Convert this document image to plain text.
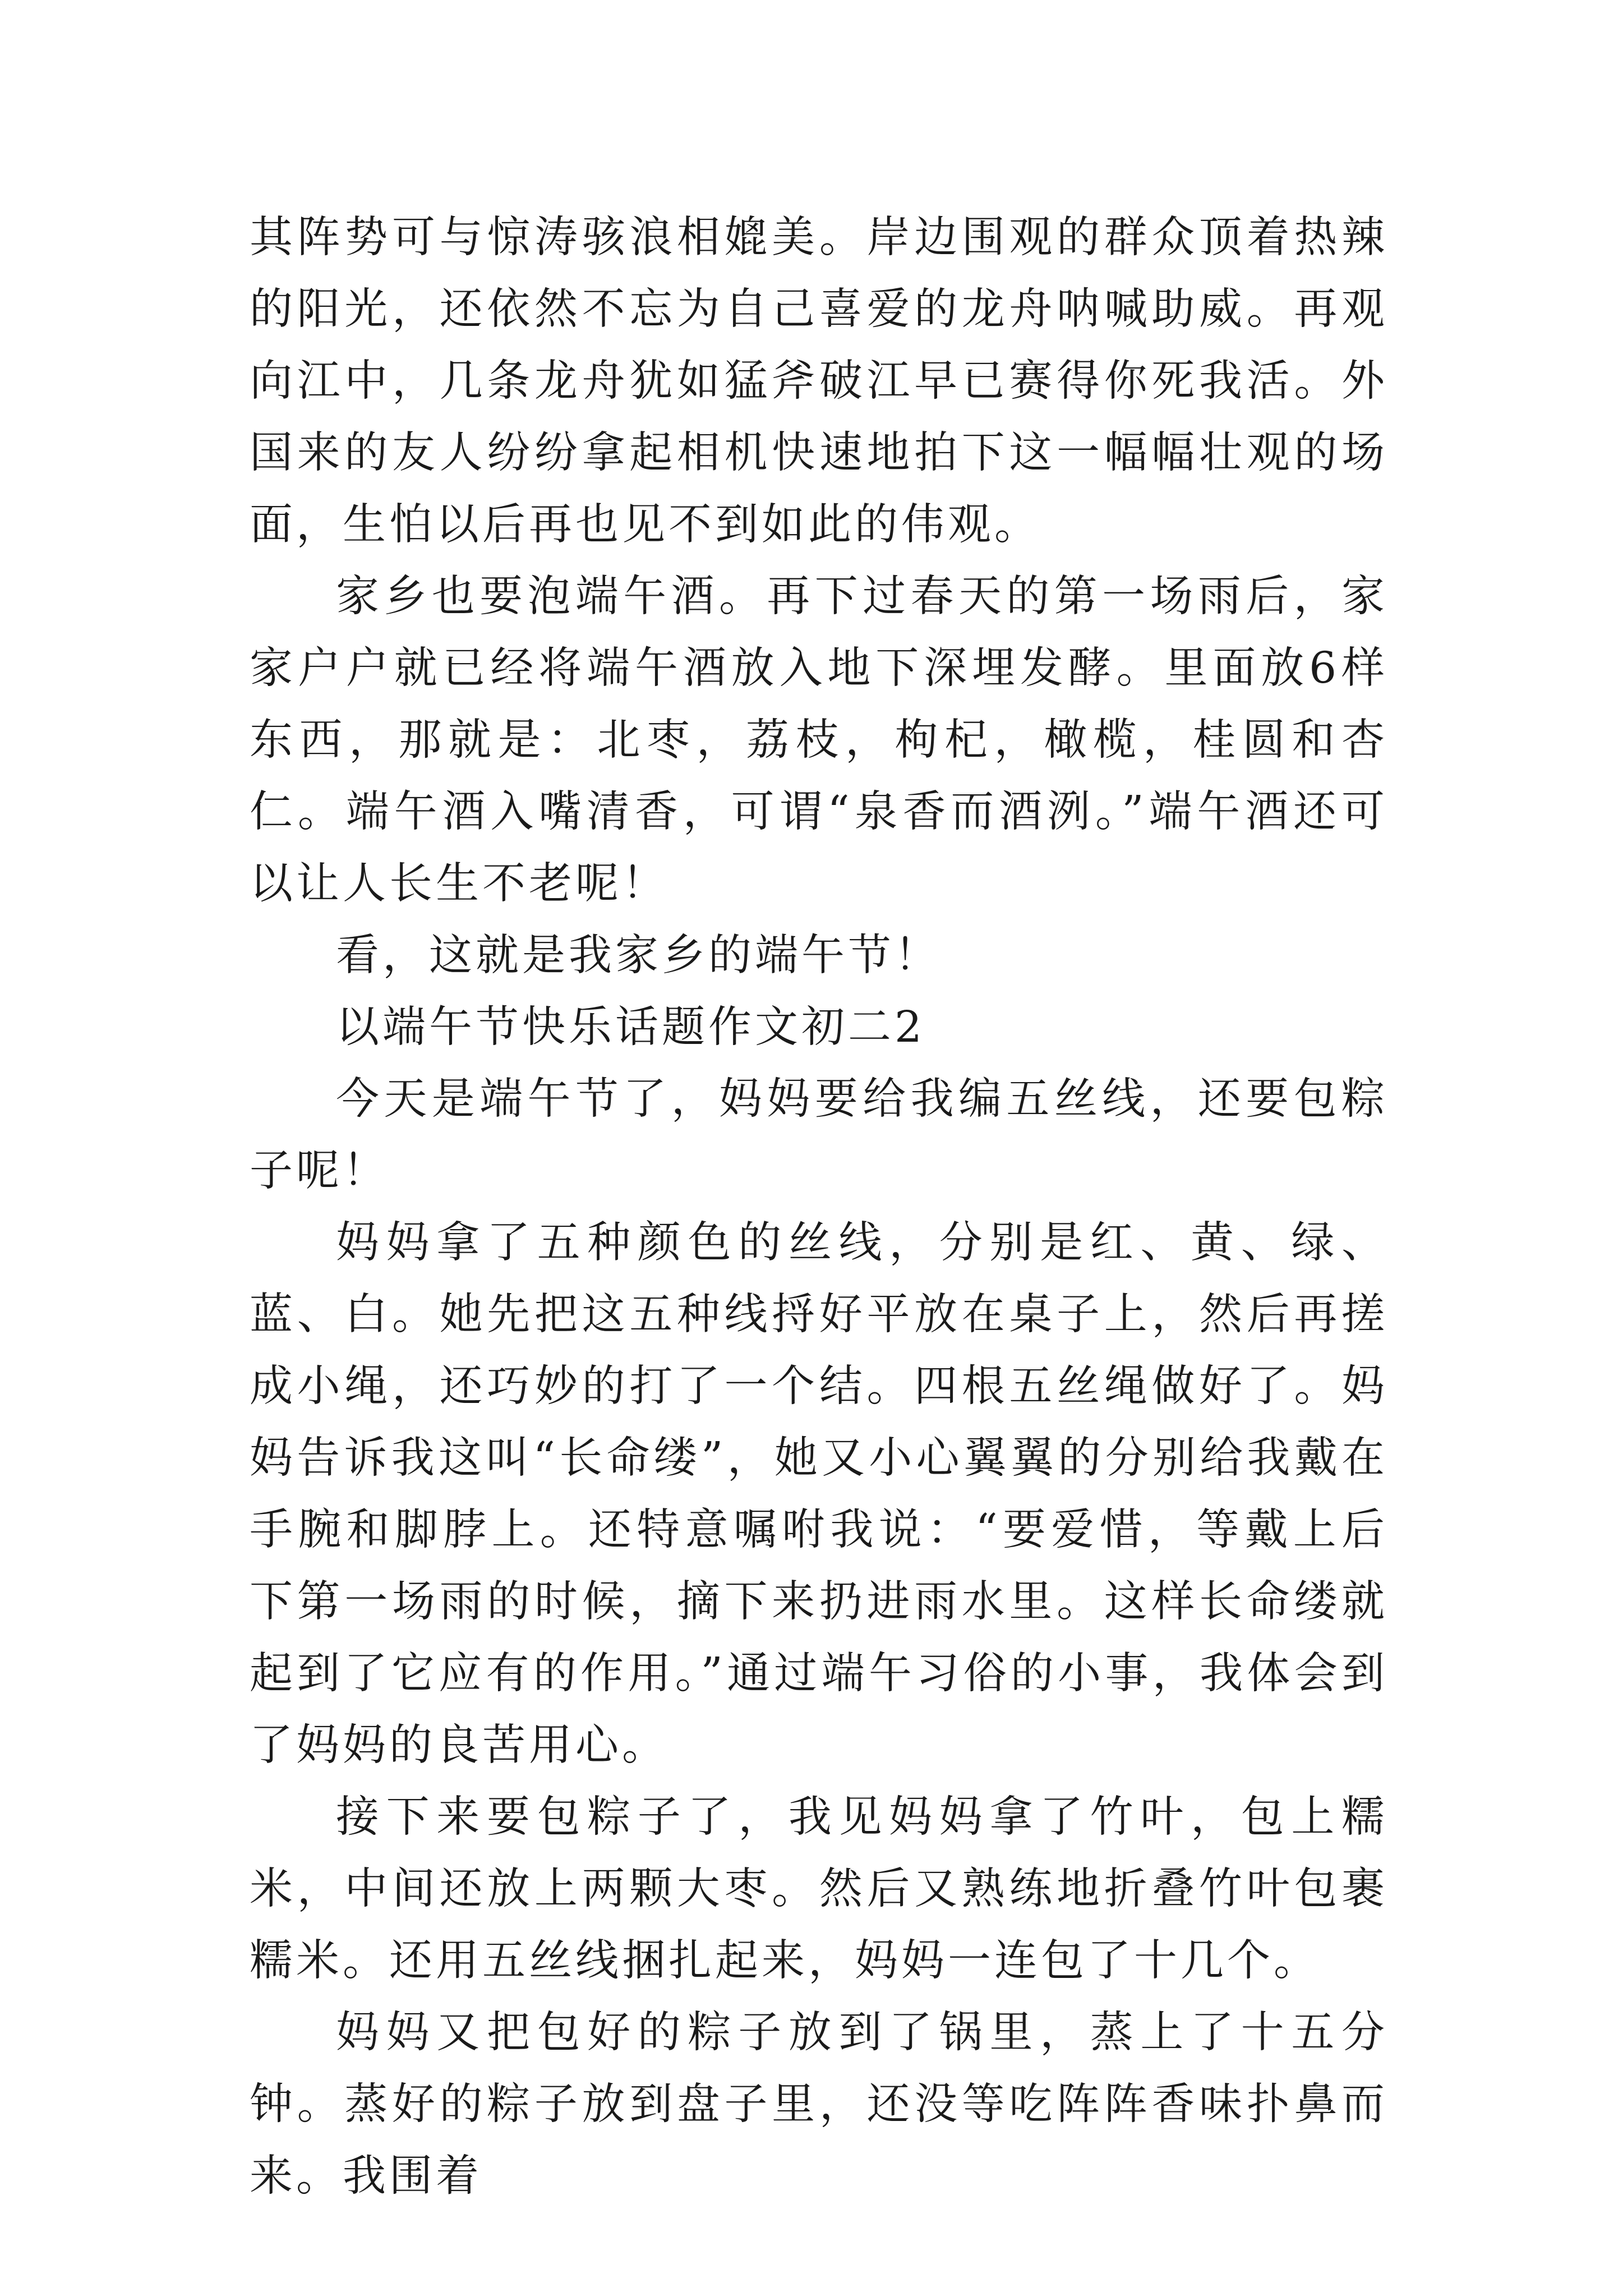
其阵势可与惊涛骇浪相媲美。岸边围观的群众顶着热辣的阳光，还依然不忘为自己喜爱的龙舟呐喊助威。再观向江中，几条龙舟犹如猛斧破江早已赛得你死我活。外国来的友人纷纷拿起相机快速地拍下这一幅幅壮观的场面，生怕以后再也见不到如此的伟观。

家乡也要泡端午酒。再下过春天的第一场雨后，家家户户就已经将端午酒放入地下深埋发酵。里面放6样东西，那就是：北枣，荔枝，枸杞，橄榄，桂圆和杏仁。端午酒入嘴清香，可谓“泉香而酒洌。”端午酒还可以让人长生不老呢！

看，这就是我家乡的端午节！

以端午节快乐话题作文初二2

今天是端午节了，妈妈要给我编五丝线，还要包粽子呢！

妈妈拿了五种颜色的丝线，分别是红、黄、绿、蓝、白。她先把这五种线捋好平放在桌子上，然后再搓成小绳，还巧妙的打了一个结。四根五丝绳做好了。妈妈告诉我这叫“长命缕”，她又小心翼翼的分别给我戴在手腕和脚脖上。还特意嘱咐我说：“要爱惜，等戴上后下第一场雨的时候，摘下来扔进雨水里。这样长命缕就起到了它应有的作用。”通过端午习俗的小事，我体会到了妈妈的良苦用心。

接下来要包粽子了，我见妈妈拿了竹叶，包上糯米，中间还放上两颗大枣。然后又熟练地折叠竹叶包裹糯米。还用五丝线捆扎起来，妈妈一连包了十几个。

妈妈又把包好的粽子放到了锅里，蒸上了十五分钟。蒸好的粽子放到盘子里，还没等吃阵阵香味扑鼻而来。我围着
